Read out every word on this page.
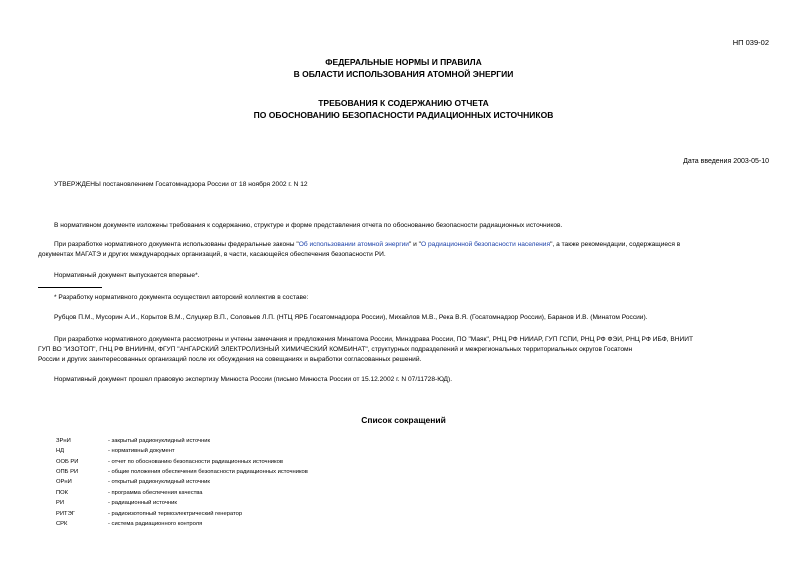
НП 039-02
ФЕДЕРАЛЬНЫЕ НОРМЫ И ПРАВИЛА
В ОБЛАСТИ ИСПОЛЬЗОВАНИЯ АТОМНОЙ ЭНЕРГИИ
ТРЕБОВАНИЯ К СОДЕРЖАНИЮ ОТЧЕТА
ПО ОБОСНОВАНИЮ БЕЗОПАСНОСТИ РАДИАЦИОННЫХ ИСТОЧНИКОВ
Дата введения 2003-05-10
УТВЕРЖДЕНЫ постановлением Госатомнадзора России от 18 ноября 2002 г. N 12
В нормативном документе изложены требования к содержанию, структуре и форме представления отчета по обоснованию безопасности радиационных источников.
При разработке нормативного документа использованы федеральные законы "Об использовании атомной энергии" и "О радиационной безопасности населения", а также рекомендации, содержащиеся в
документах МАГАТЭ и других международных организаций, в части, касающейся обеспечения безопасности РИ.
Нормативный документ выпускается впервые*.
* Разработку нормативного документа осуществил авторский коллектив в составе:
Рубцов П.М., Мусорин А.И., Корытов В.М., Слуцкер В.П., Соловьев Л.П. (НТЦ ЯРБ Госатомнадзора России), Михайлов М.В., Река В.Я. (Госатомнадзор России), Баранов И.В. (Минатом России).
При разработке нормативного документа рассмотрены и учтены замечания и предложения Минатома России, Минздрава России, ПО "Маяк", РНЦ РФ НИИАР, ГУП ГСПИ, РНЦ РФ ФЭИ, РНЦ РФ ИБФ, ВНИИТ
ГУП ВО "ИЗОТОП", ГНЦ РФ ВНИИНМ, ФГУП "АНГАРСКИЙ ЭЛЕКТРОЛИЗНЫЙ ХИМИЧЕСКИЙ КОМБИНАТ", структурных подразделений и межрегиональных территориальных округов Госатомн
России и других заинтересованных организаций после их обсуждения на совещаниях и выработки согласованных решений.
Нормативный документ прошел правовую экспертизу Минюста России (письмо Минюста России от 15.12.2002 г. N 07/11728-ЮД).
Список сокращений
ЗРнИ	- закрытый радионуклидный источник
НД	- нормативный документ
ООБ РИ	- отчет по обоснованию безопасности радиационных источников
ОПБ РИ	- общие положения обеспечения безопасности радиационных источников
ОРнИ	- открытый радионуклидный источник
ПОК	- программа обеспечения качества
РИ	- радиационный источник
РИТЭГ	- радиоизотопный термоэлектрический генератор
СРК	- система радиационного контроля
